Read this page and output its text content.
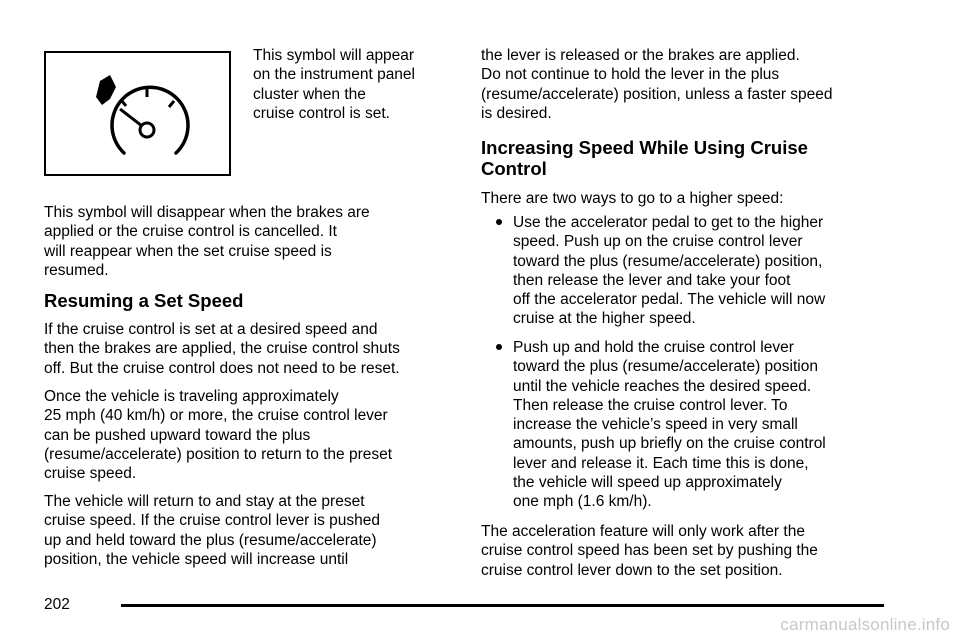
This symbol will appear
on the instrument panel
cluster when the
cruise control is set.
This symbol will disappear when the brakes are
applied or the cruise control is cancelled. It
will reappear when the set cruise speed is
resumed.
Resuming a Set Speed
If the cruise control is set at a desired speed and
then the brakes are applied, the cruise control shuts
off. But the cruise control does not need to be reset.
Once the vehicle is traveling approximately
25 mph (40 km/h) or more, the cruise control lever
can be pushed upward toward the plus
(resume/accelerate) position to return to the preset
cruise speed.
The vehicle will return to and stay at the preset
cruise speed. If the cruise control lever is pushed
up and held toward the plus (resume/accelerate)
position, the vehicle speed will increase until
the lever is released or the brakes are applied.
Do not continue to hold the lever in the plus
(resume/accelerate) position, unless a faster speed
is desired.
Increasing Speed While Using Cruise
Control
There are two ways to go to a higher speed:
Use the accelerator pedal to get to the higher
speed. Push up on the cruise control lever
toward the plus (resume/accelerate) position,
then release the lever and take your foot
off the accelerator pedal. The vehicle will now
cruise at the higher speed.
Push up and hold the cruise control lever
toward the plus (resume/accelerate) position
until the vehicle reaches the desired speed.
Then release the cruise control lever. To
increase the vehicle’s speed in very small
amounts, push up briefly on the cruise control
lever and release it. Each time this is done,
the vehicle will speed up approximately
one mph (1.6 km/h).
The acceleration feature will only work after the
cruise control speed has been set by pushing the
cruise control lever down to the set position.
202
carmanualsonline.info
